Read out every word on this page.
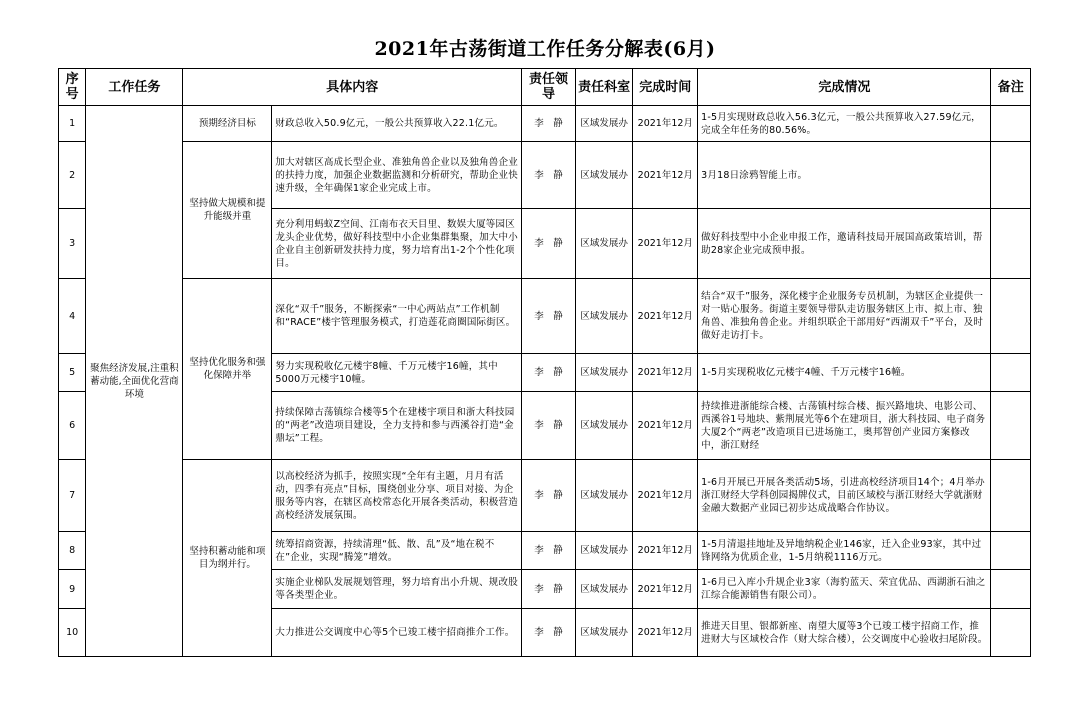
2021年古荡街道工作任务分解表(6月)
序号	工作任务	具体内容		责任领导	责任科室	完成时间	完成情况	备注
1	聚焦经济发展,注重积蓄动能,全面优化营商环境	预期经济目标	财政总收入50.9亿元，一般公共预算收入22.1亿元。	李　静	区域发展办	2021年12月	1-5月实现财政总收入56.3亿元，一般公共预算收入27.59亿元，完成全年任务的80.56%。	
2		坚持做大规模和提升能级并重	加大对辖区高成长型企业、准独角兽企业以及独角兽企业的扶持力度，加强企业数据监测和分析研究，帮助企业快速升级，全年确保1家企业完成上市。	李　静	区域发展办	2021年12月	3月18日涂鸦智能上市。	
3			充分利用蚂蚁Z空间、江南布衣天目里、数娱大厦等园区龙头企业优势，做好科技型中小企业集群集聚，加大中小企业自主创新研发扶持力度，努力培育出1-2个个性化项目。	李　静	区域发展办	2021年12月	做好科技型中小企业申报工作，邀请科技局开展国高政策培训，帮助28家企业完成预申报。	
4		坚持优化服务和强化保障并举	深化“双千”服务，不断探索“一中心两站点”工作机制和“RACE”楼宇管理服务模式，打造莲花商圈国际街区。	李　静	区域发展办	2021年12月	结合“双千”服务，深化楼宇企业服务专员机制，为辖区企业提供一对一贴心服务。街道主要领导带队走访服务辖区上市、拟上市、独角兽、准独角兽企业。并组织联企干部用好“西湖双千”平台，及时做好走访打卡。	
5			努力实现税收亿元楼宇8幢、千万元楼宇16幢，其中5000万元楼宇10幢。	李　静	区域发展办	2021年12月	1-5月实现税收亿元楼宇4幢、千万元楼宇16幢。	
6			持续保障古荡镇综合楼等5个在建楼宇项目和浙大科技园的“两老”改造项目建设，全力支持和参与西溪谷打造“金鼎坛”工程。	李　静	区域发展办	2021年12月	持续推进浙能综合楼、古荡镇村综合楼、振兴路地块、电影公司、西溪谷1号地块、紫荆展光等6个在建项目，浙大科技园、电子商务大厦2个“两老”改造项目已进场施工，奥邦智创产业园方案修改中，浙江财经	
7		坚持积蓄动能和项目为纲并行。	以高校经济为抓手，按照实现“全年有主题，月月有活动，四季有亮点”目标，围绕创业分享、项目对接、为企服务等内容，在辖区高校常态化开展各类活动，积极营造高校经济发展氛围。	李　静	区域发展办	2021年12月	1-6月开展已开展各类活动5场，引进高校经济项目14个；4月举办浙江财经大学科创园揭牌仪式，目前区域校与浙江财经大学就浙财金融大数据产业园已初步达成战略合作协议。	
8			统筹招商资源，持续清理“低、散、乱”及“地在税不在”企业，实现“腾笼”增效。	李　静	区域发展办	2021年12月	1-5月清退挂地址及异地纳税企业146家，迁入企业93家，其中过锋网络为优质企业，1-5月纳税1116万元。	
9			实施企业梯队发展规划管理，努力培育出小升规、规改股等各类型企业。	李　静	区域发展办	2021年12月	1-6月已入库小升规企业3家（海豹蓝天、荣宜优品、西湖浙石油之江综合能源销售有限公司）。	
10			大力推进公交调度中心等5个已竣工楼宇招商推介工作。	李　静	区域发展办	2021年12月	推进天目里、银都新座、南望大厦等3个已竣工楼宇招商工作，推进财大与区域校合作（财大综合楼），公交调度中心验收扫尾阶段。	
